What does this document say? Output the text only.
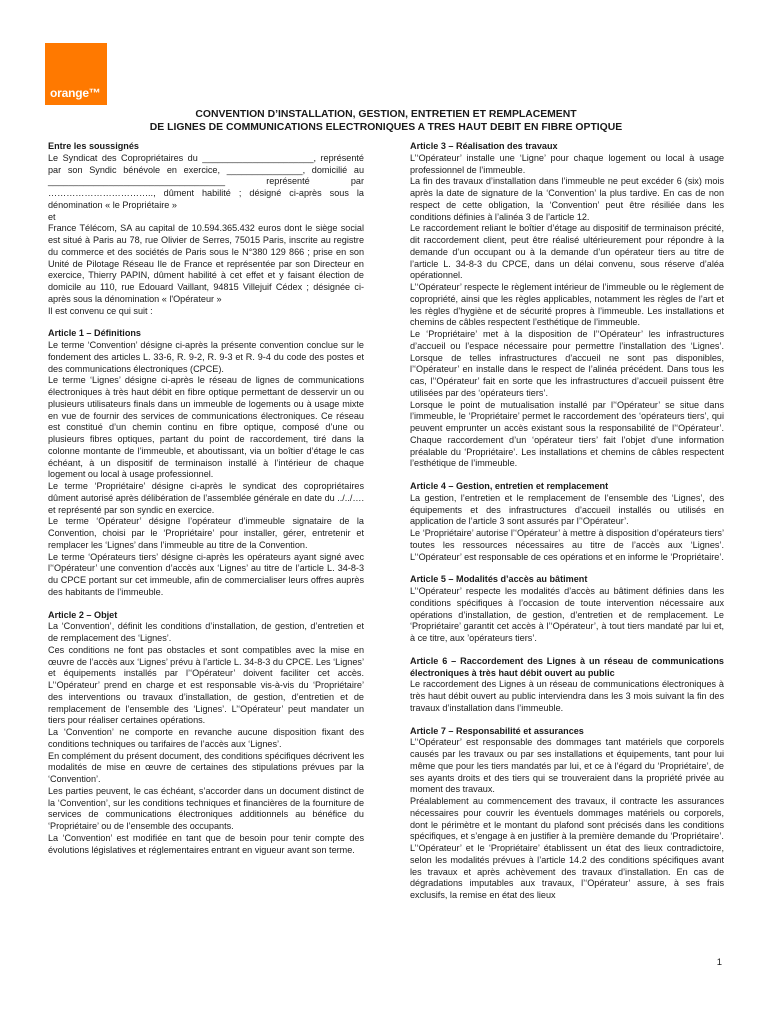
orange™
CONVENTION D’INSTALLATION, GESTION, ENTRETIEN ET REMPLACEMENT
DE LIGNES DE COMMUNICATIONS ELECTRONIQUES A TRES HAUT DEBIT EN FIBRE OPTIQUE
Entre les soussignés

Le Syndicat des Copropriétaires du ______________________, représenté par son Syndic bénévole en exercice, _______________, domicilié au ___________________________________ représenté par …………………………….., dûment habilité ; désigné ci-après sous la dénomination « le Propriétaire »

et

France Télécom, SA au capital de 10.594.365.432 euros dont le siège social est situé à Paris au 78, rue Olivier de Serres, 75015 Paris, inscrite au registre du commerce et des sociétés de Paris sous le N°380 129 866 ; prise en son Unité de Pilotage Réseau Ile de France et représentée par son Directeur en exercice, Thierry PAPIN, dûment habilité à cet effet et y faisant élection de domicile au 110, rue Edouard Vaillant, 94815 Villejuif Cédex ; désignée ci-après sous la dénomination « l'Opérateur »

Il est convenu ce qui suit :

Article 1 – Définitions

Le terme ‘Convention’ désigne ci-après la présente convention conclue sur le fondement des articles L. 33-6, R. 9-2, R. 9-3 et R. 9-4 du code des postes et des communications électroniques (CPCE).

Le terme ‘Lignes’ désigne ci-après le réseau de lignes de communications électroniques à très haut débit en fibre optique permettant de desservir un ou plusieurs utilisateurs finals dans un immeuble de logements ou à usage mixte en vue de fournir des services de communications électroniques. Ce réseau est constitué d’un chemin continu en fibre optique, composé d’une ou plusieurs fibres optiques, partant du point de raccordement, tiré dans la colonne montante de l’immeuble, et aboutissant, via un boîtier d’étage le cas échéant, à un dispositif de terminaison installé à l’intérieur de chaque logement ou local à usage professionnel.

Le terme ‘Propriétaire’ désigne ci-après le syndicat des copropriétaires dûment autorisé après délibération de l’assemblée générale en date du ../../…. et représenté par son syndic en exercice.

Le terme ‘Opérateur’ désigne l’opérateur d’immeuble signataire de la Convention, choisi par le ‘Propriétaire’ pour installer, gérer, entretenir et remplacer les ‘Lignes’ dans l’immeuble au titre de la Convention.

Le terme ‘Opérateurs tiers’ désigne ci-après les opérateurs ayant signé avec l’‘Opérateur’ une convention d’accès aux ‘Lignes’ au titre de l’article L. 34-8-3 du CPCE portant sur cet immeuble, afin de commercialiser leurs offres auprès des habitants de l’immeuble.

Article 2 – Objet

La ‘Convention’, définit les conditions d’installation, de gestion, d’entretien et de remplacement des ‘Lignes’.

Ces conditions ne font pas obstacles et sont compatibles avec la mise en œuvre de l’accès aux ‘Lignes’ prévu à l’article L. 34-8-3 du CPCE. Les ‘Lignes’ et équipements installés par l’‘Opérateur’ doivent faciliter cet accès. L’‘Opérateur’ prend en charge et est responsable vis-à-vis du ‘Propriétaire’ des interventions ou travaux d’installation, de gestion, d’entretien et de remplacement de l’ensemble des ‘Lignes’. L’‘Opérateur’ peut mandater un tiers pour réaliser certaines opérations.

La ‘Convention’ ne comporte en revanche aucune disposition fixant des conditions techniques ou tarifaires de l’accès aux ‘Lignes’.

En complément du présent document, des conditions spécifiques décrivent les modalités de mise en œuvre de certaines des stipulations prévues par la ‘Convention’.

Les parties peuvent, le cas échéant, s’accorder dans un document distinct de la ‘Convention’, sur les conditions techniques et financières de la fourniture de services de communications électroniques additionnels au bénéfice du ‘Propriétaire’ ou de l’ensemble des occupants.

La ‘Convention’ est modifiée en tant que de besoin pour tenir compte des évolutions législatives et réglementaires entrant en vigueur avant son terme.

Article 3 – Réalisation des travaux

L’‘Opérateur’ installe une ‘Ligne’ pour chaque logement ou local à usage professionnel de l’immeuble.

La fin des travaux d’installation dans l’immeuble ne peut excéder 6 (six) mois après la date de signature de la ‘Convention’ la plus tardive. En cas de non respect de cette obligation, la ‘Convention’ peut être résiliée dans les conditions définies à l’alinéa 3 de l’article 12.

Le raccordement reliant le boîtier d’étage au dispositif de terminaison précité, dit raccordement client, peut être réalisé ultérieurement pour répondre à la demande d’un occupant ou à la demande d’un opérateur tiers au titre de l’article L. 34-8-3 du CPCE, dans un délai convenu, sous réserve d’aléa opérationnel.

L’‘Opérateur’ respecte le règlement intérieur de l’immeuble ou le règlement de copropriété, ainsi que les règles applicables, notamment les règles de l’art et les règles d’hygiène et de sécurité propres à l’immeuble. Les installations et chemins de câbles respectent l’esthétique de l’immeuble.

Le ‘Propriétaire’ met à la disposition de l’‘Opérateur’ les infrastructures d’accueil ou l’espace nécessaire pour permettre l’installation des ‘Lignes’. Lorsque de telles infrastructures d’accueil ne sont pas disponibles, l’‘Opérateur’ en installe dans le respect de l’alinéa précédent. Dans tous les cas, l’‘Opérateur’ fait en sorte que les infrastructures d’accueil puissent être utilisées par des ‘opérateurs tiers’.

Lorsque le point de mutualisation installé par l’‘Opérateur’ se situe dans l’immeuble, le ‘Propriétaire’ permet le raccordement des ‘opérateurs tiers’, qui peuvent emprunter un accès existant sous la responsabilité de l’‘Opérateur’. Chaque raccordement d’un ‘opérateur tiers’ fait l’objet d’une information préalable du ‘Propriétaire’. Les installations et chemins de câbles respectent l’esthétique de l’immeuble.

Article 4 – Gestion, entretien et remplacement

La gestion, l’entretien et le remplacement de l’ensemble des ‘Lignes’, des équipements et des infrastructures d’accueil installés ou utilisés en application de l’article 3 sont assurés par l’‘Opérateur’.

Le ‘Propriétaire’ autorise l’‘Opérateur’ à mettre à disposition d’opérateurs tiers’ toutes les ressources nécessaires au titre de l’accès aux ‘Lignes’. L’‘Opérateur’ est responsable de ces opérations et en informe le ‘Propriétaire’.

Article 5 – Modalités d’accès au bâtiment

L’‘Opérateur’ respecte les modalités d’accès au bâtiment définies dans les conditions spécifiques à l’occasion de toute intervention nécessaire aux opérations d’installation, de gestion, d’entretien et de remplacement. Le ‘Propriétaire’ garantit cet accès à l’‘Opérateur’, à tout tiers mandaté par lui et, à ce titre, aux ’opérateurs tiers’.

Article 6 – Raccordement des Lignes à un réseau de communications électroniques à très haut débit ouvert au public

Le raccordement des Lignes à un réseau de communications électroniques à très haut débit ouvert au public interviendra dans les 3 mois suivant la fin des travaux d’installation dans l’immeuble.

Article 7 – Responsabilité et assurances

L’‘Opérateur’ est responsable des dommages tant matériels que corporels causés par les travaux ou par ses installations et équipements, tant pour lui même que pour les tiers mandatés par lui, et ce à l’égard du ‘Propriétaire’, de ses ayants droits et des tiers qui se trouveraient dans la propriété privée au moment des travaux.

Préalablement au commencement des travaux, il contracte les assurances nécessaires pour couvrir les éventuels dommages matériels ou corporels, dont le périmètre et le montant du plafond sont précisés dans les conditions spécifiques, et s’engage à en justifier à la première demande du ‘Propriétaire’.

L’‘Opérateur’ et le ‘Propriétaire’ établissent un état des lieux contradictoire, selon les modalités prévues à l’article 14.2 des conditions spécifiques avant les travaux et après achèvement des travaux d’installation. En cas de dégradations imputables aux travaux, l’‘Opérateur’ assure, à ses frais exclusifs, la remise en état des lieux

1
